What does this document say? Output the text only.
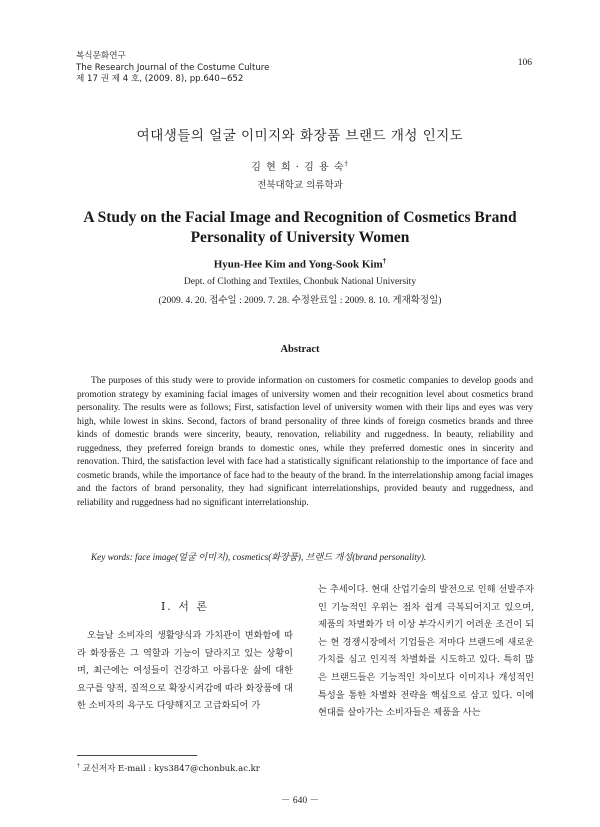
복식문화연구
The Research Journal of the Costume Culture
제 17 권 제 4 호, (2009. 8), pp.640∼652
106
여대생들의 얼굴 이미지와 화장품 브랜드 개성 인지도
김 현 희 · 김 용 숙†
전북대학교 의류학과
A Study on the Facial Image and Recognition of Cosmetics Brand Personality of University Women
Hyun-Hee Kim and Yong-Sook Kim†
Dept. of Clothing and Textiles, Chonbuk National University
(2009. 4. 20. 접수일 : 2009. 7. 28. 수정완료일 : 2009. 8. 10. 게재확정일)
Abstract

The purposes of this study were to provide information on customers for cosmetic companies to develop goods and promotion strategy by examining facial images of university women and their recognition level about cosmetics brand personality. The results were as follows; First, satisfaction level of university women with their lips and eyes was very high, while lowest in skins. Second, factors of brand personality of three kinds of foreign cosmetics brands and three kinds of domestic brands were sincerity, beauty, renovation, reliability and ruggedness. In beauty, reliability and ruggedness, they preferred foreign brands to domestic ones, while they preferred domestic ones in sincerity and renovation. Third, the satisfaction level with face had a statistically significant relationship to the importance of face and cosmetic brands, while the importance of face had to the beauty of the brand. In the interrelationship among facial images and the factors of brand personality, they had significant interrelationships, provided beauty and ruggedness, and reliability and ruggedness had no significant interrelationship.

Key words: face image(얼굴 이미지), cosmetics(화장품), 브랜드 개성(brand personality).
Ⅰ. 서 론

오늘날 소비자의 생활양식과 가치관이 변화함에 따라 화장품은 그 역할과 기능이 달라지고 있는 상황이며, 최근에는 여성들이 건강하고 아름다운 삶에 대한 요구를 양적, 질적으로 확장시켜감에 따라 화장품에 대한 소비자의 욕구도 다양해지고 고급화되어 가

는 추세이다. 현대 산업기술의 발전으로 인해 선발주자인 기능적인 우위는 점차 쉽게 극복되어지고 있으며, 제품의 차별화가 더 이상 부각시키기 어려운 조건이 되는 현 경쟁시장에서 기업들은 저마다 브랜드에 새로운 가치를 심고 인지적 차별화를 시도하고 있다. 특히 많은 브랜드들은 기능적인 차이보다 이미지나 개성적인 특성을 통한 차별화 전략을 핵심으로 삼고 있다. 이에 현대를 살아가는 소비자들은 제품을 사는

† 교신저자 E-mail : kys3847@chonbuk.ac.kr
－ 640 －
